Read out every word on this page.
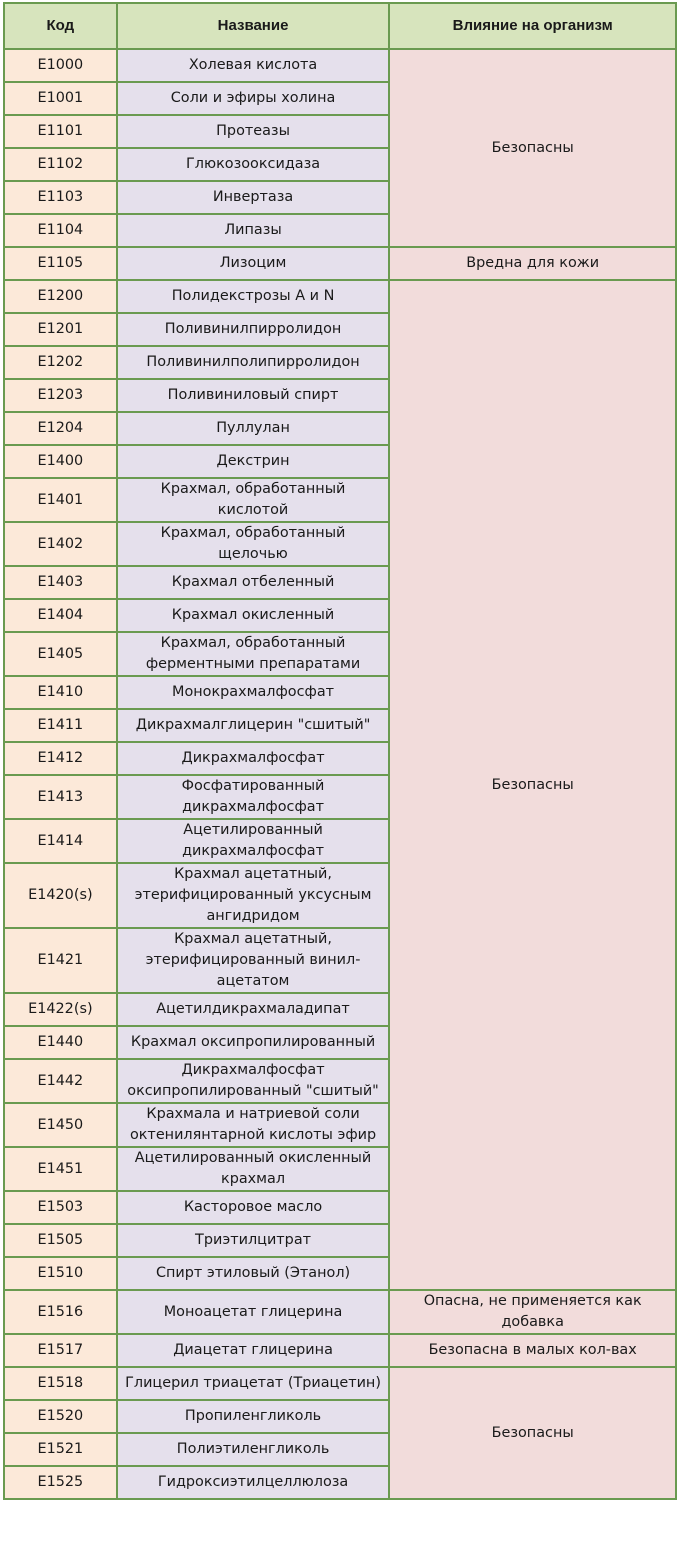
Код	Название	Влияние на организм
E1000	Холевая кислота	Безопасны
E1001	Соли и эфиры холина	
E1101	Протеазы	
E1102	Глюкозооксидаза	
E1103	Инвертаза	
E1104	Липазы	
E1105	Лизоцим	Вредна для кожи
E1200	Полидекстрозы А и N	Безопасны
E1201	Поливинилпирролидон	
E1202	Поливинилполипирролидон	
E1203	Поливиниловый спирт	
E1204	Пуллулан	
E1400	Декстрин	
E1401	Крахмал, обработанный кислотой	
E1402	Крахмал, обработанный щелочью	
E1403	Крахмал отбеленный	
E1404	Крахмал окисленный	
E1405	Крахмал, обработанный ферментными препаратами	
E1410	Монокрахмалфосфат	
E1411	Дикрахмалглицерин "сшитый"	
E1412	Дикрахмалфосфат	
E1413	Фосфатированный дикрахмалфосфат	
E1414	Ацетилированный дикрахмалфосфат	
E1420(s)	Крахмал ацетатный, этерифицированный уксусным ангидридом	
E1421	Крахмал ацетатный, этерифицированный винил-ацетатом	
E1422(s)	Ацетилдикрахмаладипат	
E1440	Крахмал оксипропилированный	
E1442	Дикрахмалфосфат оксипропилированный "сшитый"	
E1450	Крахмала и натриевой соли октенилянтарной кислоты эфир	
E1451	Ацетилированный окисленный крахмал	
E1503	Касторовое масло	
E1505	Триэтилцитрат	
E1510	Спирт этиловый (Этанол)	
E1516	Моноацетат глицерина	Опасна, не применяется как добавка
E1517	Диацетат глицерина	Безопасна в малых кол-вах
E1518	Глицерил триацетат (Триацетин)	Безопасны
E1520	Пропиленгликоль	
E1521	Полиэтиленгликоль	
E1525	Гидроксиэтилцеллюлоза	
